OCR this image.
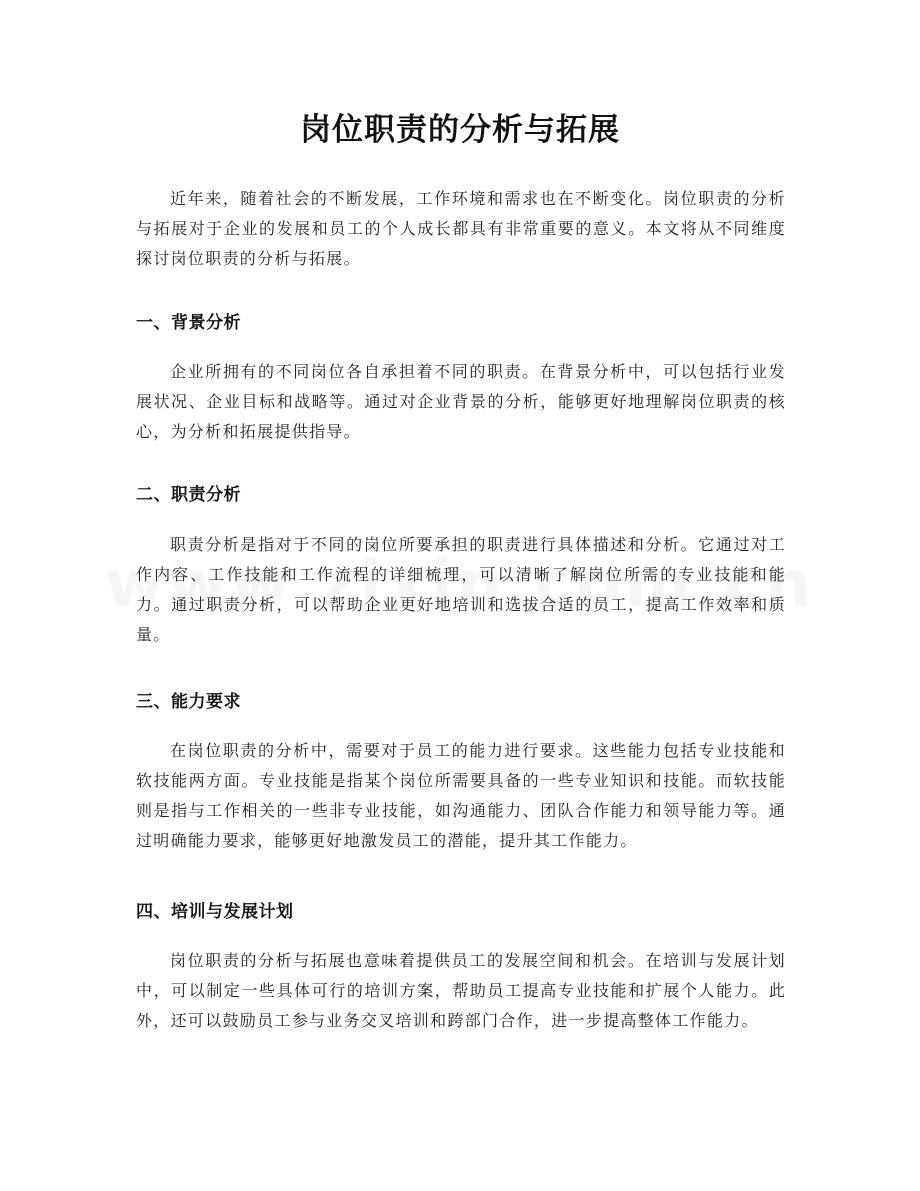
岗位职责的分析与拓展

近年来，随着社会的不断发展，工作环境和需求也在不断变化。岗位职责的分析与拓展对于企业的发展和员工的个人成长都具有非常重要的意义。本文将从不同维度探讨岗位职责的分析与拓展。

一、背景分析

企业所拥有的不同岗位各自承担着不同的职责。在背景分析中，可以包括行业发展状况、企业目标和战略等。通过对企业背景的分析，能够更好地理解岗位职责的核心，为分析和拓展提供指导。

二、职责分析

职责分析是指对于不同的岗位所要承担的职责进行具体描述和分析。它通过对工作内容、工作技能和工作流程的详细梳理，可以清晰了解岗位所需的专业技能和能力。通过职责分析，可以帮助企业更好地培训和选拔合适的员工，提高工作效率和质量。

三、能力要求

在岗位职责的分析中，需要对于员工的能力进行要求。这些能力包括专业技能和软技能两方面。专业技能是指某个岗位所需要具备的一些专业知识和技能。而软技能则是指与工作相关的一些非专业技能，如沟通能力、团队合作能力和领导能力等。通过明确能力要求，能够更好地激发员工的潜能，提升其工作能力。

四、培训与发展计划

岗位职责的分析与拓展也意味着提供员工的发展空间和机会。在培训与发展计划中，可以制定一些具体可行的培训方案，帮助员工提高专业技能和扩展个人能力。此外，还可以鼓励员工参与业务交叉培训和跨部门合作，进一步提高整体工作能力。
